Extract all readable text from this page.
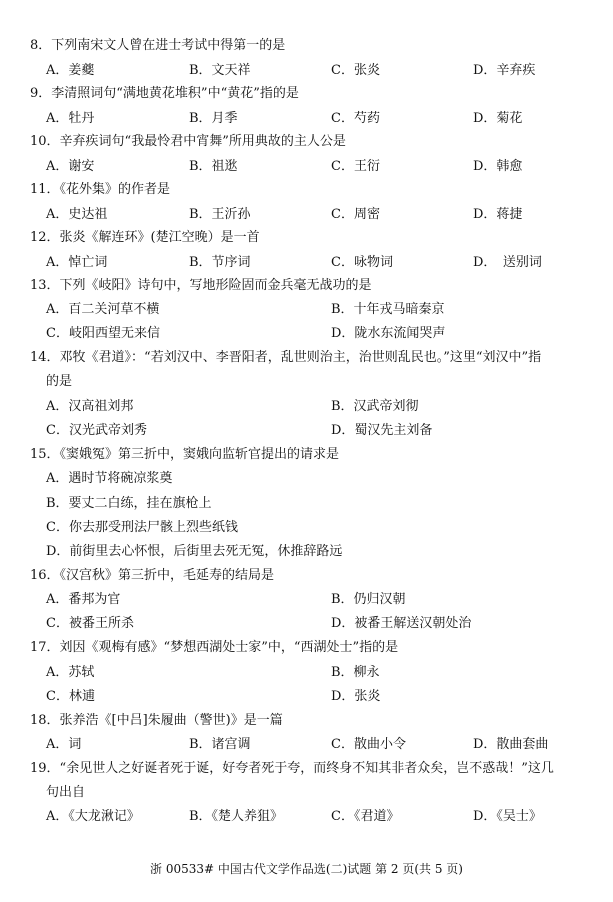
8．下列南宋文人曾在进士考试中得第一的是
A．姜夔	B．文天祥	C．张炎	D．辛弃疾
9．李清照词句“满地黄花堆积”中“黄花”指的是
A．牡丹	B．月季	C．芍药	D．菊花
10．辛弃疾词句“我最怜君中宵舞”所用典故的主人公是
A．谢安	B．祖逖	C．王衍	D．韩愈
11．《花外集》的作者是
A．史达祖	B．王沂孙	C．周密	D．蒋捷
12．张炎《解连环》(楚江空晚）是一首
A．悼亡词	B．节序词	C．咏物词	D．　送别词
13．下列《岐阳》诗句中，写地形险固而金兵毫无战功的是
A．百二关河草不横	B．十年戎马暗秦京
C．岐阳西望无来信	D．陇水东流闻哭声
14．邓牧《君道》：“若刘汉中、李晋阳者，乱世则治主，治世则乱民也。”这里“刘汉中”指
的是
A．汉高祖刘邦	B．汉武帝刘彻
C．汉光武帝刘秀	D．蜀汉先主刘备
15．《窦娥冤》第三折中，窦娥向监斩官提出的请求是
A．遇时节将碗凉浆奠
B．要丈二白练，挂在旗枪上
C．你去那受刑法尸骸上烈些纸钱
D．前街里去心怀恨，后街里去死无冤，休推辞路远
16．《汉宫秋》第三折中，毛延寿的结局是
A．番邦为官	B．仍归汉朝
C．被番王所杀	D．被番王解送汉朝处治
17．刘因《观梅有感》“梦想西湖处士家”中，“西湖处士”指的是
A．苏轼	B．柳永
C．林逋	D．张炎
18．张养浩《[中吕]朱履曲（警世)》是一篇
A．词	B．诸宫调	C．散曲小令	D．散曲套曲
19．“余见世人之好诞者死于诞，好夸者死于夸，而终身不知其非者众矣，岂不惑哉！”这几
句出自
A．《大龙湫记》	B．《楚人养狙》	C．《君道》	D．《吴士》
浙 00533# 中国古代文学作品选(二)试题 第 2 页(共 5 页)
